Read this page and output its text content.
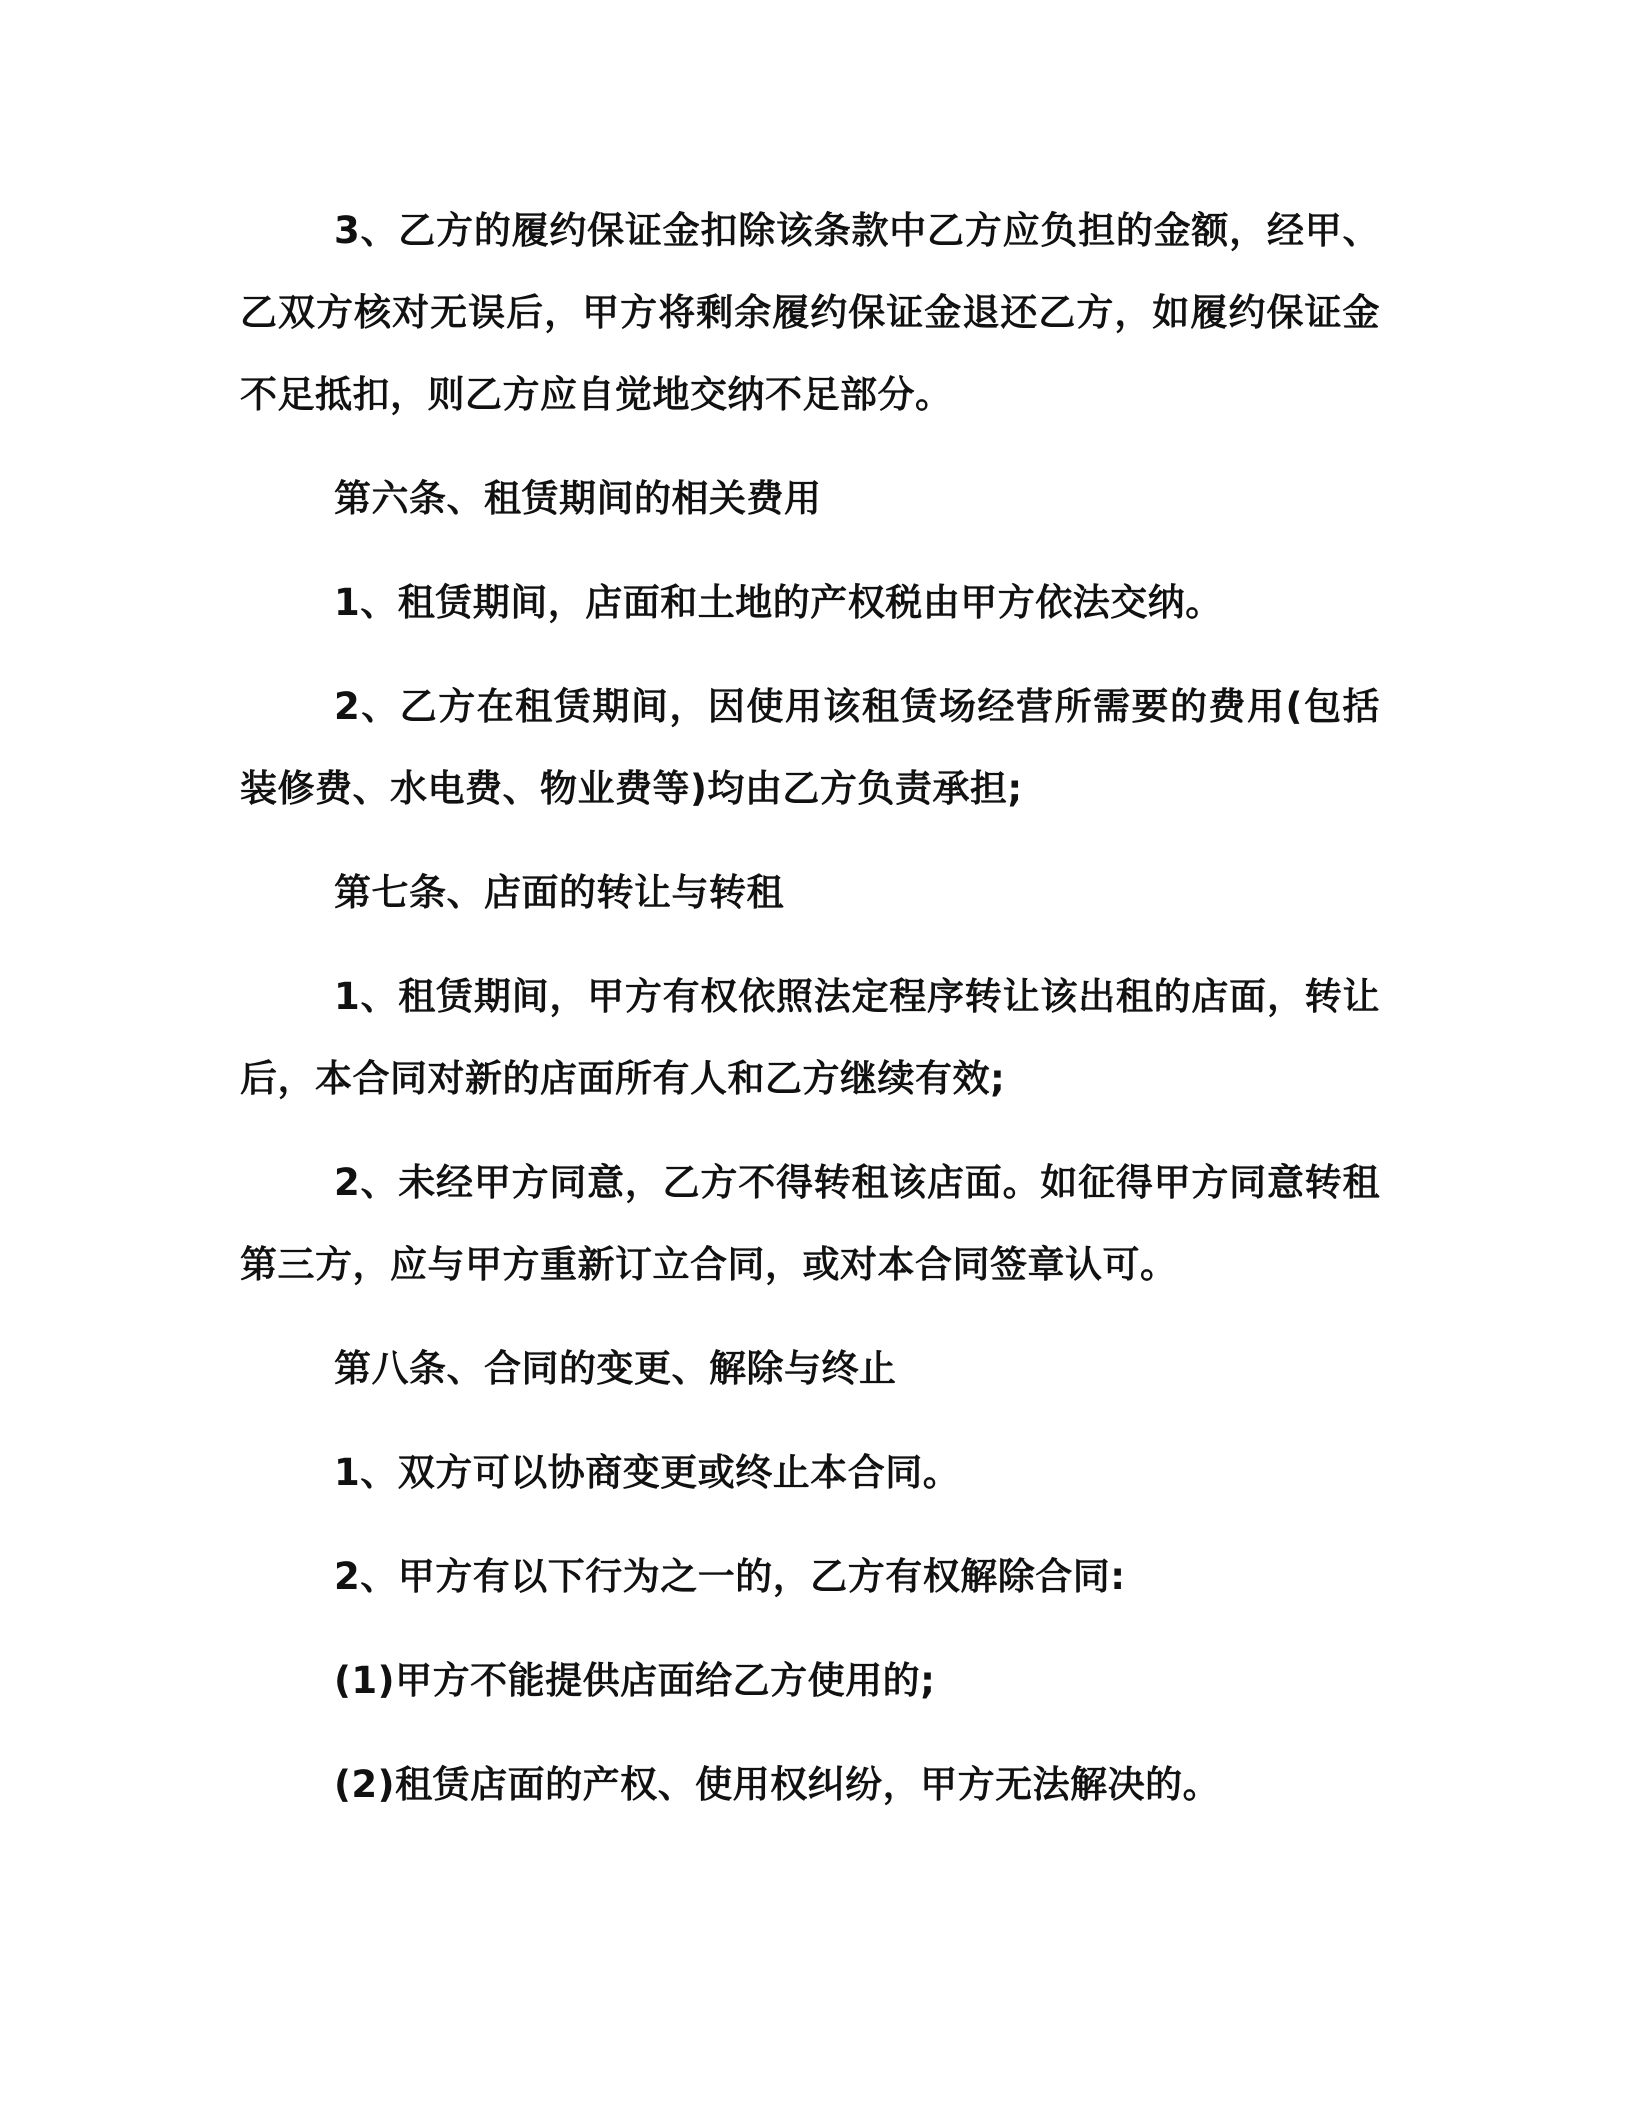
3、乙方的履约保证金扣除该条款中乙方应负担的金额，经甲、乙双方核对无误后，甲方将剩余履约保证金退还乙方，如履约保证金不足抵扣，则乙方应自觉地交纳不足部分。

第六条、租赁期间的相关费用

1、租赁期间，店面和土地的产权税由甲方依法交纳。

2、乙方在租赁期间，因使用该租赁场经营所需要的费用(包括装修费、水电费、物业费等)均由乙方负责承担;

第七条、店面的转让与转租

1、租赁期间，甲方有权依照法定程序转让该出租的店面，转让后，本合同对新的店面所有人和乙方继续有效;

2、未经甲方同意，乙方不得转租该店面。如征得甲方同意转租第三方，应与甲方重新订立合同，或对本合同签章认可。

第八条、合同的变更、解除与终止

1、双方可以协商变更或终止本合同。

2、甲方有以下行为之一的，乙方有权解除合同:

(1)甲方不能提供店面给乙方使用的;

(2)租赁店面的产权、使用权纠纷，甲方无法解决的。
